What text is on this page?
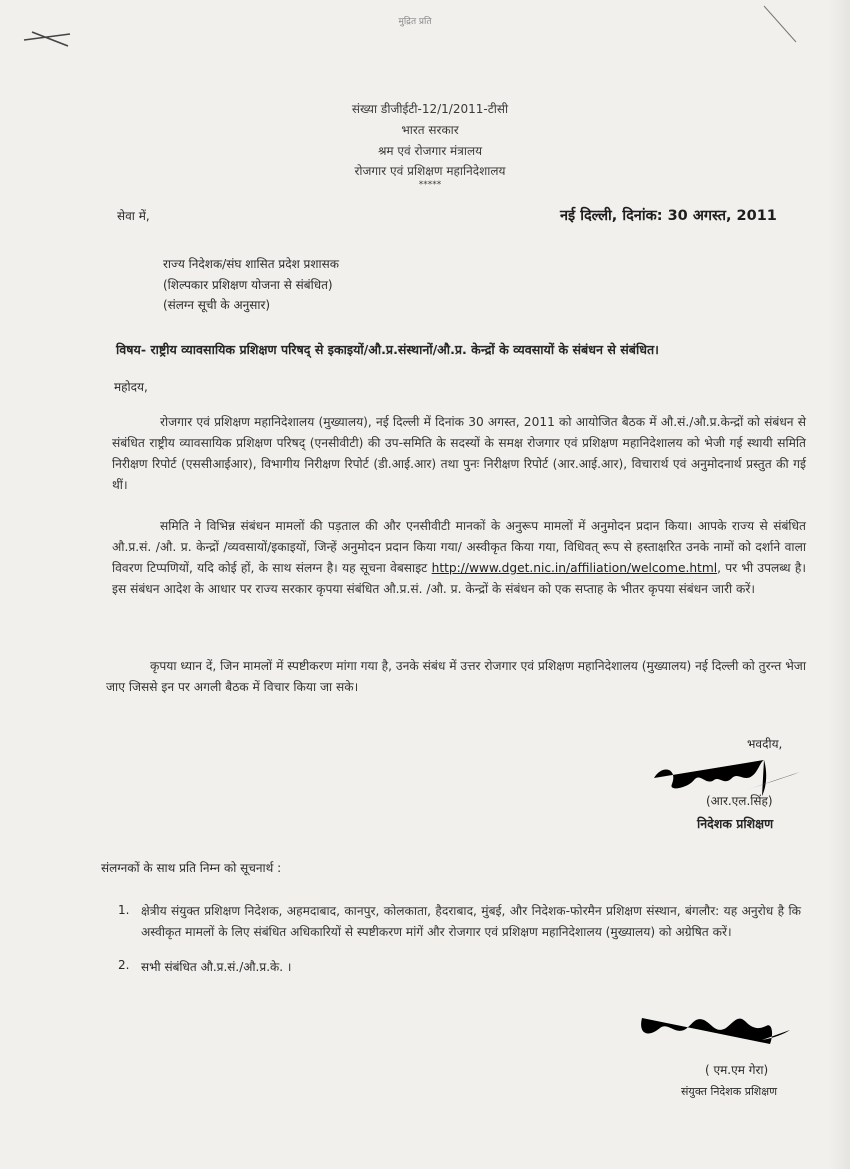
मुद्रित प्रति
संख्या डीजीईटी-12/1/2011-टीसी
भारत सरकार
श्रम एवं रोजगार मंत्रालय
रोजगार एवं प्रशिक्षण महानिदेशालय
*****
सेवा में,	नई दिल्ली, दिनांक: 30 अगस्त, 2011
राज्य निदेशक/संघ शासित प्रदेश प्रशासक
(शिल्पकार प्रशिक्षण योजना से संबंधित)
(संलग्न सूची के अनुसार)
विषय- राष्ट्रीय व्यावसायिक प्रशिक्षण परिषद् से इकाइयों/औ.प्र.संस्थानों/औ.प्र. केन्द्रों के व्यवसायों के संबंधन से संबंधित।
महोदय,
रोजगार एवं प्रशिक्षण महानिदेशालय (मुख्यालय), नई दिल्ली में दिनांक 30 अगस्त, 2011 को आयोजित बैठक में औ.सं./औ.प्र.केन्द्रों को संबंधन से संबंधित राष्ट्रीय व्यावसायिक प्रशिक्षण परिषद् (एनसीवीटी) की उप-समिति के सदस्यों के समक्ष रोजगार एवं प्रशिक्षण महानिदेशालय को भेजी गई स्थायी समिति निरीक्षण रिपोर्ट (एससीआईआर), विभागीय निरीक्षण रिपोर्ट (डी.आई.आर) तथा पुनः निरीक्षण रिपोर्ट (आर.आई.आर), विचारार्थ एवं अनुमोदनार्थ प्रस्तुत की गई थीं।
समिति ने विभिन्न संबंधन मामलों की पड़ताल की और एनसीवीटी मानकों के अनुरूप मामलों में अनुमोदन प्रदान किया। आपके राज्य से संबंधित औ.प्र.सं. /औ. प्र. केन्द्रों /व्यवसायों/इकाइयों, जिन्हें अनुमोदन प्रदान किया गया/ अस्वीकृत किया गया, विधिवत् रूप से हस्ताक्षरित उनके नामों को दर्शाने वाला विवरण टिप्पणियों, यदि कोई हों, के साथ संलग्न है। यह सूचना वेबसाइट http://www.dget.nic.in/affiliation/welcome.html, पर भी उपलब्ध है। इस संबंधन आदेश के आधार पर राज्य सरकार कृपया संबंधित औ.प्र.सं. /औ. प्र. केन्द्रों के संबंधन को एक सप्ताह के भीतर कृपया संबंधन जारी करें।
कृपया ध्यान दें, जिन मामलों में स्पष्टीकरण मांगा गया है, उनके संबंध में उत्तर रोजगार एवं प्रशिक्षण महानिदेशालय (मुख्यालय) नई दिल्ली को तुरन्त भेजा जाए जिससे इन पर अगली बैठक में विचार किया जा सके।
भवदीय,
(आर.एल.सिंह)
निदेशक प्रशिक्षण
संलग्नकों के साथ प्रति निम्न को सूचनार्थ :
1. क्षेत्रीय संयुक्त प्रशिक्षण निदेशक, अहमदाबाद, कानपुर, कोलकाता, हैदराबाद, मुंबई, और निदेशक-फोरमैन प्रशिक्षण संस्थान, बंगलौर: यह अनुरोध है कि अस्वीकृत मामलों के लिए संबंधित अधिकारियों से स्पष्टीकरण मांगें और रोजगार एवं प्रशिक्षण महानिदेशालय (मुख्यालय) को अग्रेषित करें।
2. सभी संबंधित औ.प्र.सं./औ.प्र.के. ।
( एम.एम गेरा)
संयुक्त निदेशक प्रशिक्षण
